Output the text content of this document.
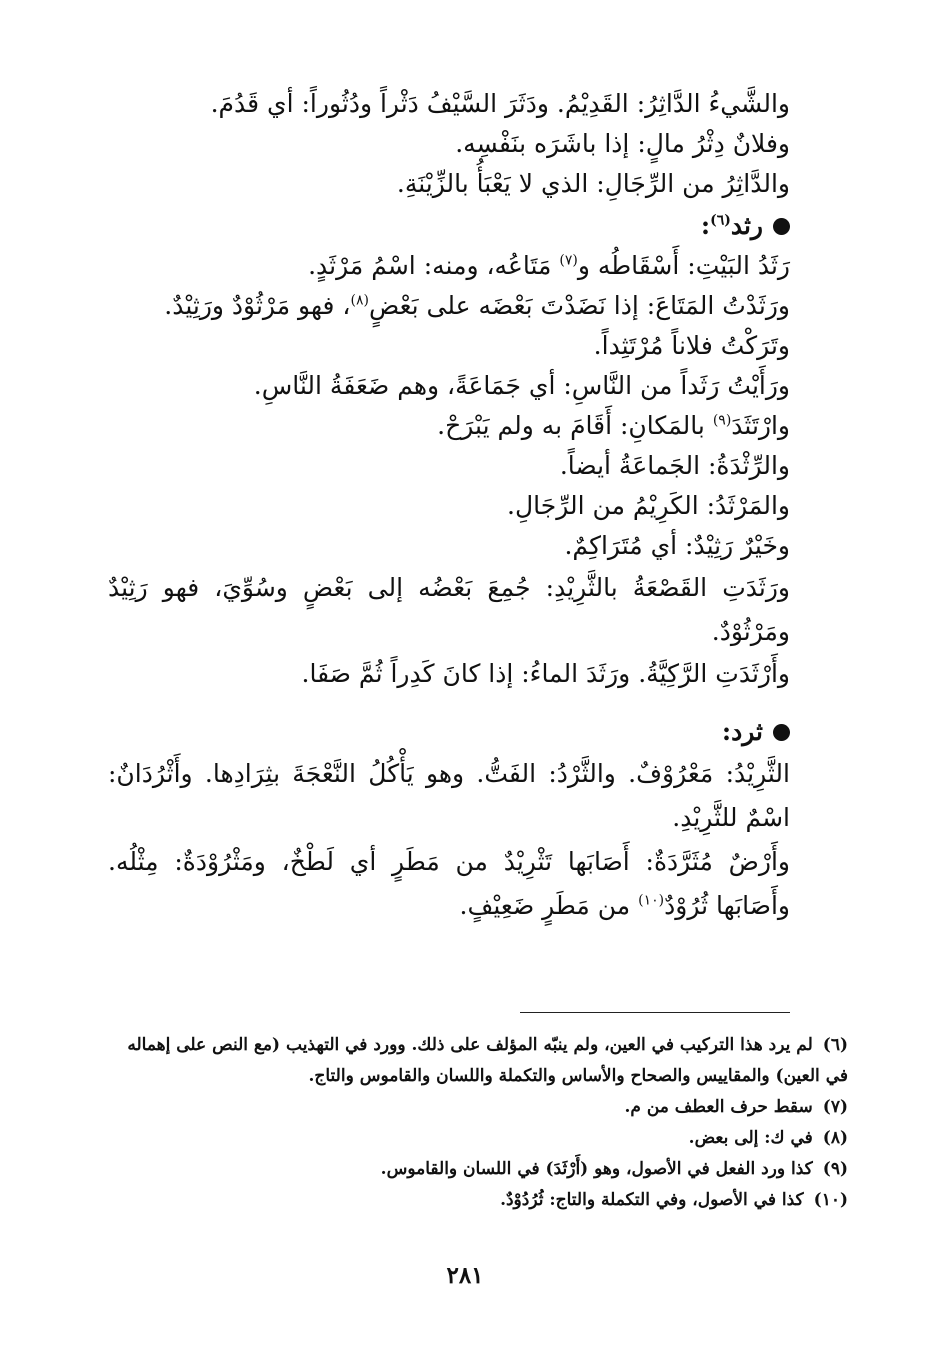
والشَّيءُ الدَّاثِرُ: القَدِيْمُ. ودَثَرَ السَّيْفُ دَثْراً ودُثُوراً: أي قَدُمَ.

وفلانٌ دِثْرُ مالٍ: إذا باشَرَه بنَفْسِه.

والدَّاثِرُ من الرِّجَالِ: الذي لا يَعْبَأُ بالزِّيْنَةِ.

رثد$^{(٦)}$:

رَثَدُ البَيْتِ: أَسْقَاطُه و$^{(٧)}$ مَتَاعُه، ومنه: اسْمُ مَرْثَدٍ.

ورَثَدْتُ المَتَاعَ: إذا نَضَدْتَ بَعْضَه على بَعْضٍ$^{(٨)}$، فهو مَرْثُوْدٌ ورَثِيْدٌ.

وتَرَكْتُ فلاناً مُرْتَثِداً.

ورَأَيْتُ رَثَداً من النَّاسِ: أي جَمَاعَةً، وهم ضَعَفَةُ النَّاسِ.

وارْتَثَدَ$^{(٩)}$ بالمَكانِ: أَقَامَ به ولم يَبْرَحْ.

والرِّثْدَةُ: الجَماعَةُ أيضاً.

والمَرْثَدُ: الكَرِيْمُ من الرِّجَالِ.

وخَيْرٌ رَثِيْدٌ: أي مُتَرَاكِمٌ.

ورَثَدَتِ القَصْعَةُ بالثَّرِيْدِ: جُمِعَ بَعْضُه إلى بَعْضٍ وسُوِّيَ، فهو رَثِيْدٌ ومَرْثُوْدٌ.

وأَرْثَدَتِ الرَّكِيَّةُ. ورَثَدَ الماءُ: إذا كانَ كَدِراً ثُمَّ صَفَا.

ثرد:

الثَّرِيْدُ: مَعْرُوْفٌ. والثَّرْدُ: الفَتُّ. وهو يَأْكُلُ النَّعْجَةَ بثِرَادِها. وأَثْرُدَانٌ: اسْمٌ للثَّرِيْدِ.

وأَرْضٌ مُثَرَّدَةٌ: أَصَابَها تَثْرِيْدٌ من مَطَرٍ أي لَطْخٌ، ومَثْرُوْدَةٌ: مِثْلُه. وأَصَابَها ثُرُوْدٌ$^{(١٠)}$ من مَطَرٍ ضَعِيْفٍ.

(٦)لم يرد هذا التركيب في العين، ولم ينبّه المؤلف على ذلك. وورد في التهذيب (مع النص على إهماله في العين) والمقاييس والصحاح والأساس والتكملة واللسان والقاموس والتاج.

(٧)سقط حرف العطف من م.

(٨)في ك: إلى بعض.

(٩)كذا ورد الفعل في الأصول، وهو (أَرْثَدَ) في اللسان والقاموس.

(١٠)كذا في الأصول، وفي التكملة والتاج: ثُرُدُوْدٌ.

٢٨١
